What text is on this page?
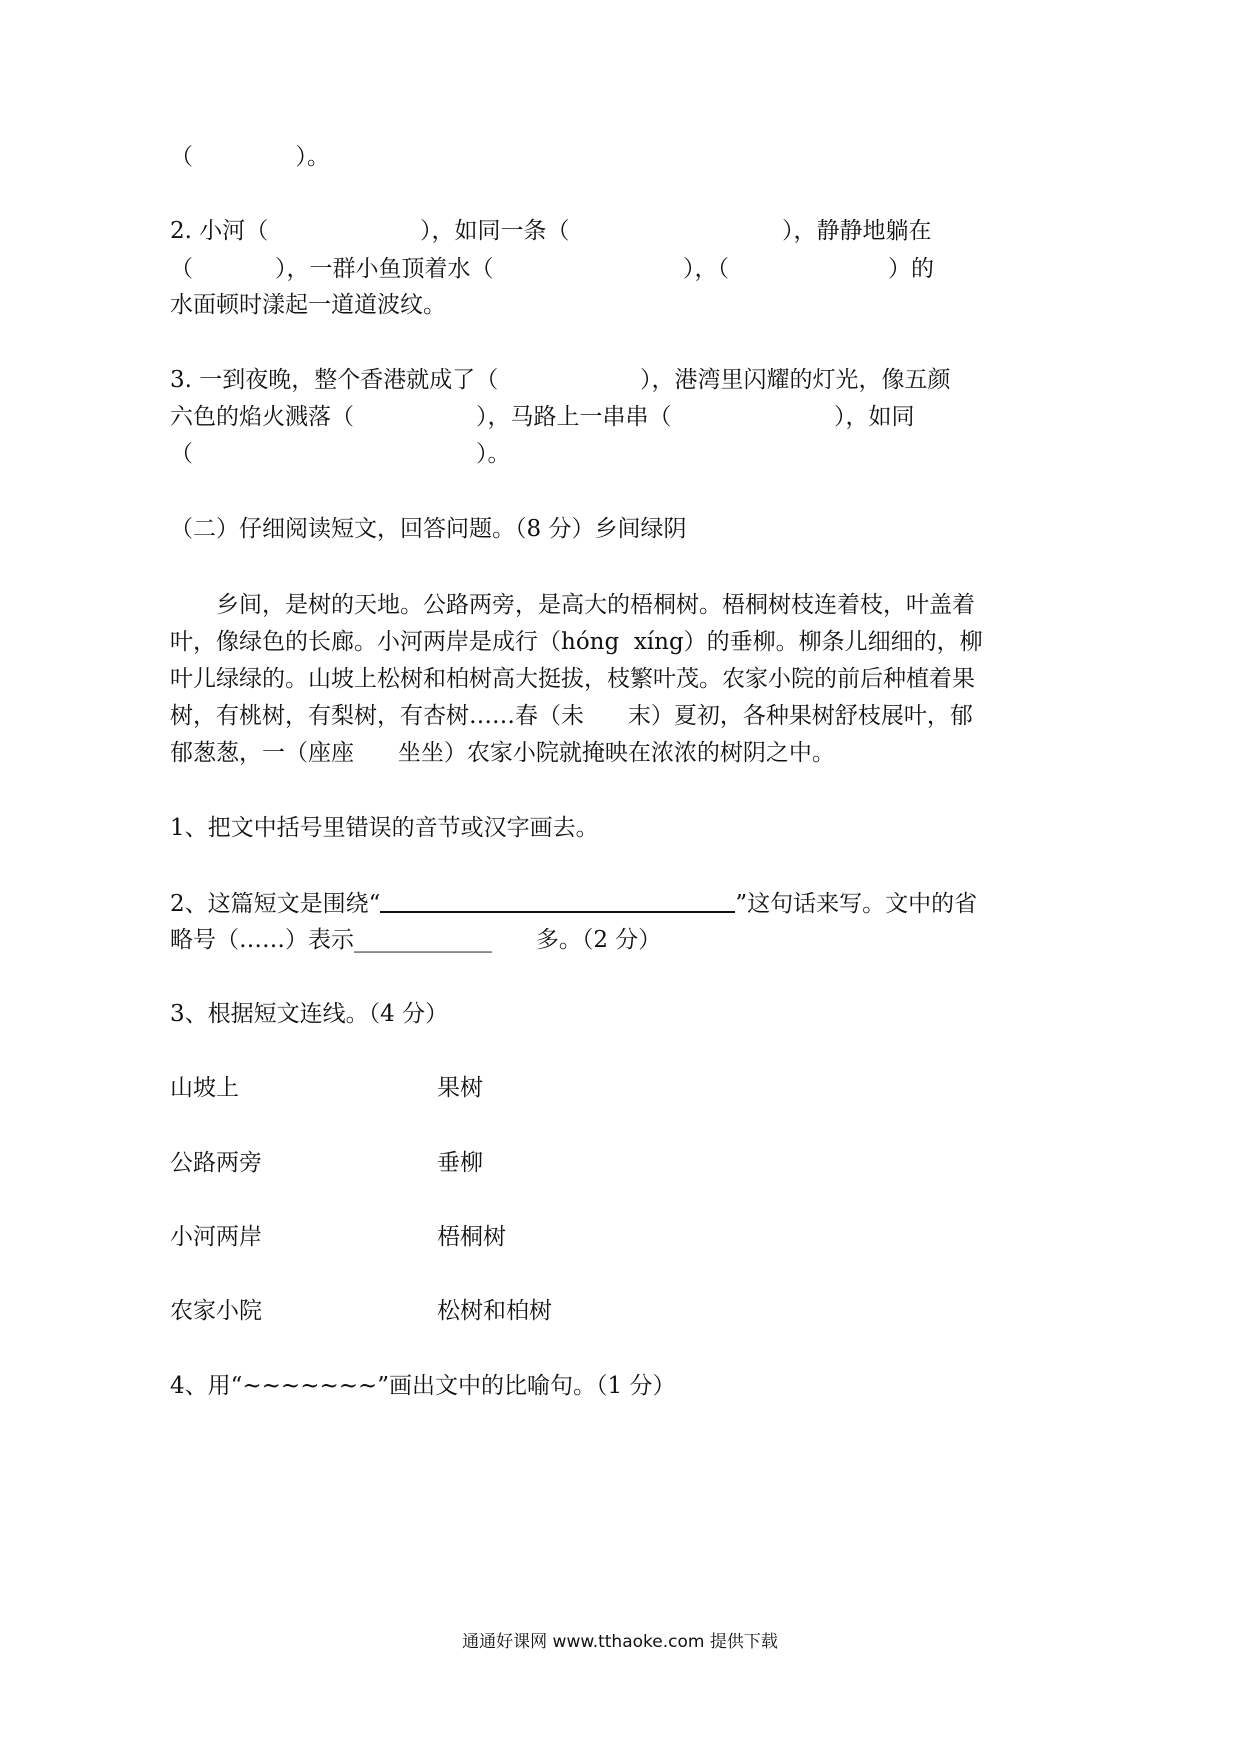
（              ）。
2. 小河（	），如同一条（	），静静地躺在
（	），一群小鱼顶着水（	），（	）的
水面顿时漾起一道道波纹。
3. 一到夜晚，整个香港就成了（	），港湾里闪耀的灯光，像五颜
六色的焰火溅落（	），马路上一串串（	），如同
（	）。
（二）仔细阅读短文，回答问题。（8 分）乡间绿阴
乡间，是树的天地。公路两旁，是高大的梧桐树。梧桐树枝连着枝，叶盖着
叶，像绿色的长廊。小河两岸是成行（hóng  xíng）的垂柳。柳条儿细细的，柳
叶儿绿绿的。山坡上松树和柏树高大挺拔，枝繁叶茂。农家小院的前后种植着果
树，有桃树，有梨树，有杏树……春（未      末）夏初，各种果树舒枝展叶，郁
郁葱葱，一（座座      坐坐）农家小院就掩映在浓浓的树阴之中。
1、把文中括号里错误的音节或汉字画去。
2、这篇短文是围绕“	”这句话来写。文中的省
略号（……）表示____________      多。（2 分）
3、根据短文连线。（4 分）
山坡上	果树
公路两旁	垂柳
小河两岸	梧桐树
农家小院	松树和柏树
4、用“~~~~~~~”画出文中的比喻句。（1 分）
通通好课网 www.tthaoke.com 提供下载
